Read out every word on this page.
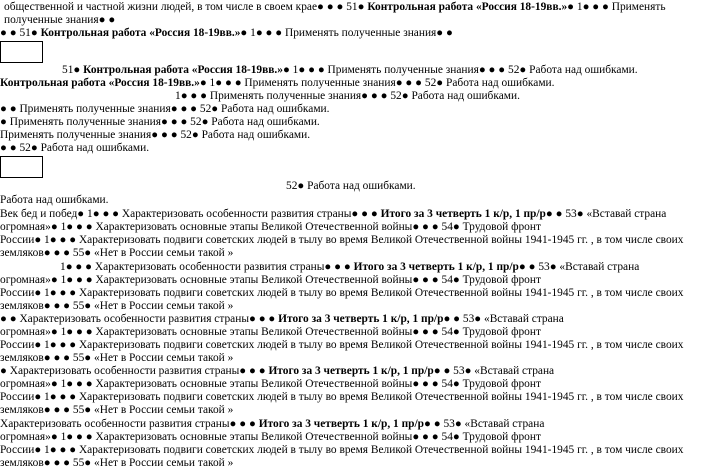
общественной и частной жизни людей, в том числе в своем крае● ● ● 51● Контрольная работа «Россия 18-19вв.»● 1● ● ● Применять
полученные знания● ●
● ● 51● Контрольная работа «Россия 18-19вв.»● 1● ● ● Применять полученные знания● ●
51● Контрольная работа «Россия 18-19вв.»● 1● ● ● Применять полученные знания● ● ● 52● Работа над ошибками.
Контрольная работа «Россия 18-19вв.»● 1● ● ● Применять полученные знания● ● ● 52● Работа над ошибками.
1● ● ● Применять полученные знания● ● ● 52● Работа над ошибками.
● ● Применять полученные знания● ● ● 52● Работа над ошибками.
● Применять полученные знания● ● ● 52● Работа над ошибками.
Применять полученные знания● ● ● 52● Работа над ошибками.
● ● 52● Работа над ошибками.
52● Работа над ошибками.
Работа над ошибками.
Век бед и побед● 1● ● ● Характеризовать особенности развития страны● ● ● Итого за 3 четверть 1 к/р, 1 пр/р● ● 53● «Вставай страна
огромная»● 1● ● ● Характеризовать основные этапы Великой Отечественной войны● ● ● 54● Трудовой фронт
России● 1● ● ● Характеризовать подвиги советских людей в тылу во время Великой Отечественной войны 1941-1945 гг. , в том числе своих
земляков● ● ● 55● «Нет в России семьи такой »
1● ● ● Характеризовать особенности развития страны● ● ● Итого за 3 четверть 1 к/р, 1 пр/р● ● 53● «Вставай страна
огромная»● 1● ● ● Характеризовать основные этапы Великой Отечественной войны● ● ● 54● Трудовой фронт
России● 1● ● ● Характеризовать подвиги советских людей в тылу во время Великой Отечественной войны 1941-1945 гг. , в том числе своих
земляков● ● ● 55● «Нет в России семьи такой »
● ● Характеризовать особенности развития страны● ● ● Итого за 3 четверть 1 к/р, 1 пр/р● ● 53● «Вставай страна
огромная»● 1● ● ● Характеризовать основные этапы Великой Отечественной войны● ● ● 54● Трудовой фронт
России● 1● ● ● Характеризовать подвиги советских людей в тылу во время Великой Отечественной войны 1941-1945 гг. , в том числе своих
земляков● ● ● 55● «Нет в России семьи такой »
● Характеризовать особенности развития страны● ● ● Итого за 3 четверть 1 к/р, 1 пр/р● ● 53● «Вставай страна
огромная»● 1● ● ● Характеризовать основные этапы Великой Отечественной войны● ● ● 54● Трудовой фронт
России● 1● ● ● Характеризовать подвиги советских людей в тылу во время Великой Отечественной войны 1941-1945 гг. , в том числе своих
земляков● ● ● 55● «Нет в России семьи такой »
Характеризовать особенности развития страны● ● ● Итого за 3 четверть 1 к/р, 1 пр/р● ● 53● «Вставай страна
огромная»● 1● ● ● Характеризовать основные этапы Великой Отечественной войны● ● ● 54● Трудовой фронт
России● 1● ● ● Характеризовать подвиги советских людей в тылу во время Великой Отечественной войны 1941-1945 гг. , в том числе своих
земляков● ● ● 55● «Нет в России семьи такой »
